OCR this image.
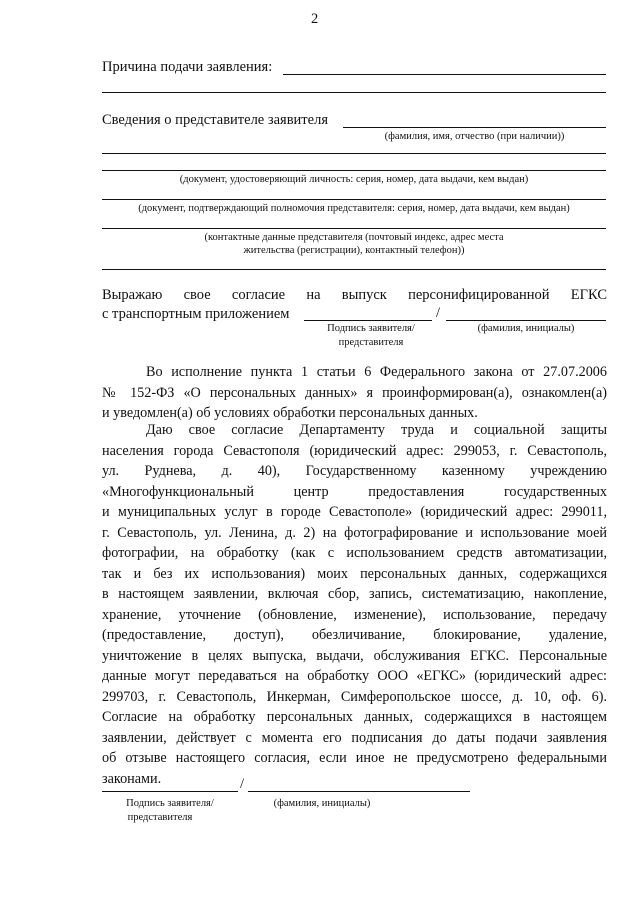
2
Причина подачи заявления:
Сведения о представителе заявителя
(фамилия, имя, отчество (при наличии))
(документ, удостоверяющий личность: серия, номер, дата выдачи, кем выдан)
(документ, подтверждающий полномочия представителя: серия, номер, дата выдачи, кем выдан)
(контактные данные представителя (почтовый индекс, адрес места
жительства (регистрации), контактный телефон))
Выражаю свое согласие на выпуск персонифицированной ЕГКС
с транспортным приложением	/
Подпись заявителя/
представителя
(фамилия, инициалы)
Во исполнение пункта 1 статьи 6 Федерального закона от 27.07.2006
№ 152-ФЗ «О персональных данных» я проинформирован(а), ознакомлен(а)
и уведомлен(а) об условиях обработки персональных данных.
Даю свое согласие Департаменту труда и социальной защиты
населения города Севастополя (юридический адрес: 299053, г. Севастополь,
ул. Руднева, д. 40), Государственному казенному учреждению
«Многофункциональный центр предоставления государственных
и муниципальных услуг в городе Севастополе» (юридический адрес: 299011,
г. Севастополь, ул. Ленина, д. 2) на фотографирование и использование моей
фотографии, на обработку (как с использованием средств автоматизации,
так и без их использования) моих персональных данных, содержащихся
в настоящем заявлении, включая сбор, запись, систематизацию, накопление,
хранение, уточнение (обновление, изменение), использование, передачу
(предоставление, доступ), обезличивание, блокирование, удаление,
уничтожение в целях выпуска, выдачи, обслуживания ЕГКС. Персональные
данные могут передаваться на обработку ООО «ЕГКС» (юридический адрес:
299703, г. Севастополь, Инкерман, Симферопольское шоссе, д. 10, оф. 6).
Согласие на обработку персональных данных, содержащихся в настоящем
заявлении, действует с момента его подписания до даты подачи заявления
об отзыве настоящего согласия, если иное не предусмотрено федеральными
законами.	/
Подпись заявителя/
представителя
(фамилия, инициалы)
